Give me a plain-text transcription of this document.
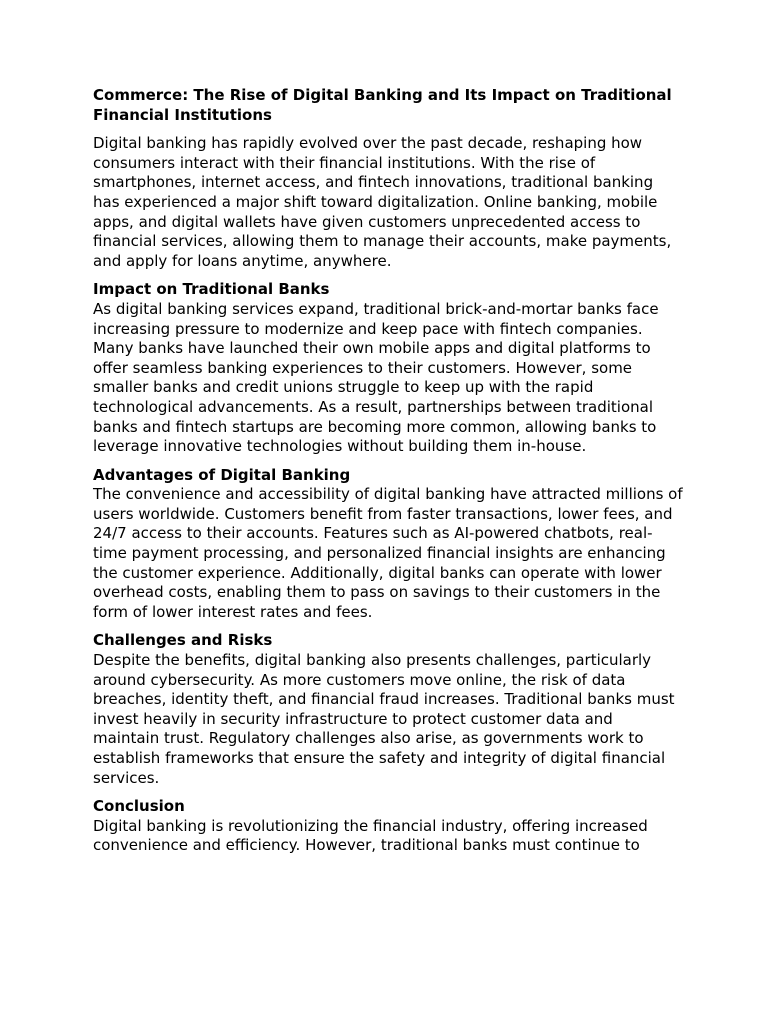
Commerce: The Rise of Digital Banking and Its Impact on Traditional Financial Institutions
Digital banking has rapidly evolved over the past decade, reshaping how consumers interact with their financial institutions. With the rise of smartphones, internet access, and fintech innovations, traditional banking has experienced a major shift toward digitalization. Online banking, mobile apps, and digital wallets have given customers unprecedented access to financial services, allowing them to manage their accounts, make payments, and apply for loans anytime, anywhere.
Impact on Traditional Banks
As digital banking services expand, traditional brick-and-mortar banks face increasing pressure to modernize and keep pace with fintech companies. Many banks have launched their own mobile apps and digital platforms to offer seamless banking experiences to their customers. However, some smaller banks and credit unions struggle to keep up with the rapid technological advancements. As a result, partnerships between traditional banks and fintech startups are becoming more common, allowing banks to leverage innovative technologies without building them in-house.
Advantages of Digital Banking
The convenience and accessibility of digital banking have attracted millions of users worldwide. Customers benefit from faster transactions, lower fees, and 24/7 access to their accounts. Features such as AI-powered chatbots, real-time payment processing, and personalized financial insights are enhancing the customer experience. Additionally, digital banks can operate with lower overhead costs, enabling them to pass on savings to their customers in the form of lower interest rates and fees.
Challenges and Risks
Despite the benefits, digital banking also presents challenges, particularly around cybersecurity. As more customers move online, the risk of data breaches, identity theft, and financial fraud increases. Traditional banks must invest heavily in security infrastructure to protect customer data and maintain trust. Regulatory challenges also arise, as governments work to establish frameworks that ensure the safety and integrity of digital financial services.
Conclusion
Digital banking is revolutionizing the financial industry, offering increased convenience and efficiency. However, traditional banks must continue to
